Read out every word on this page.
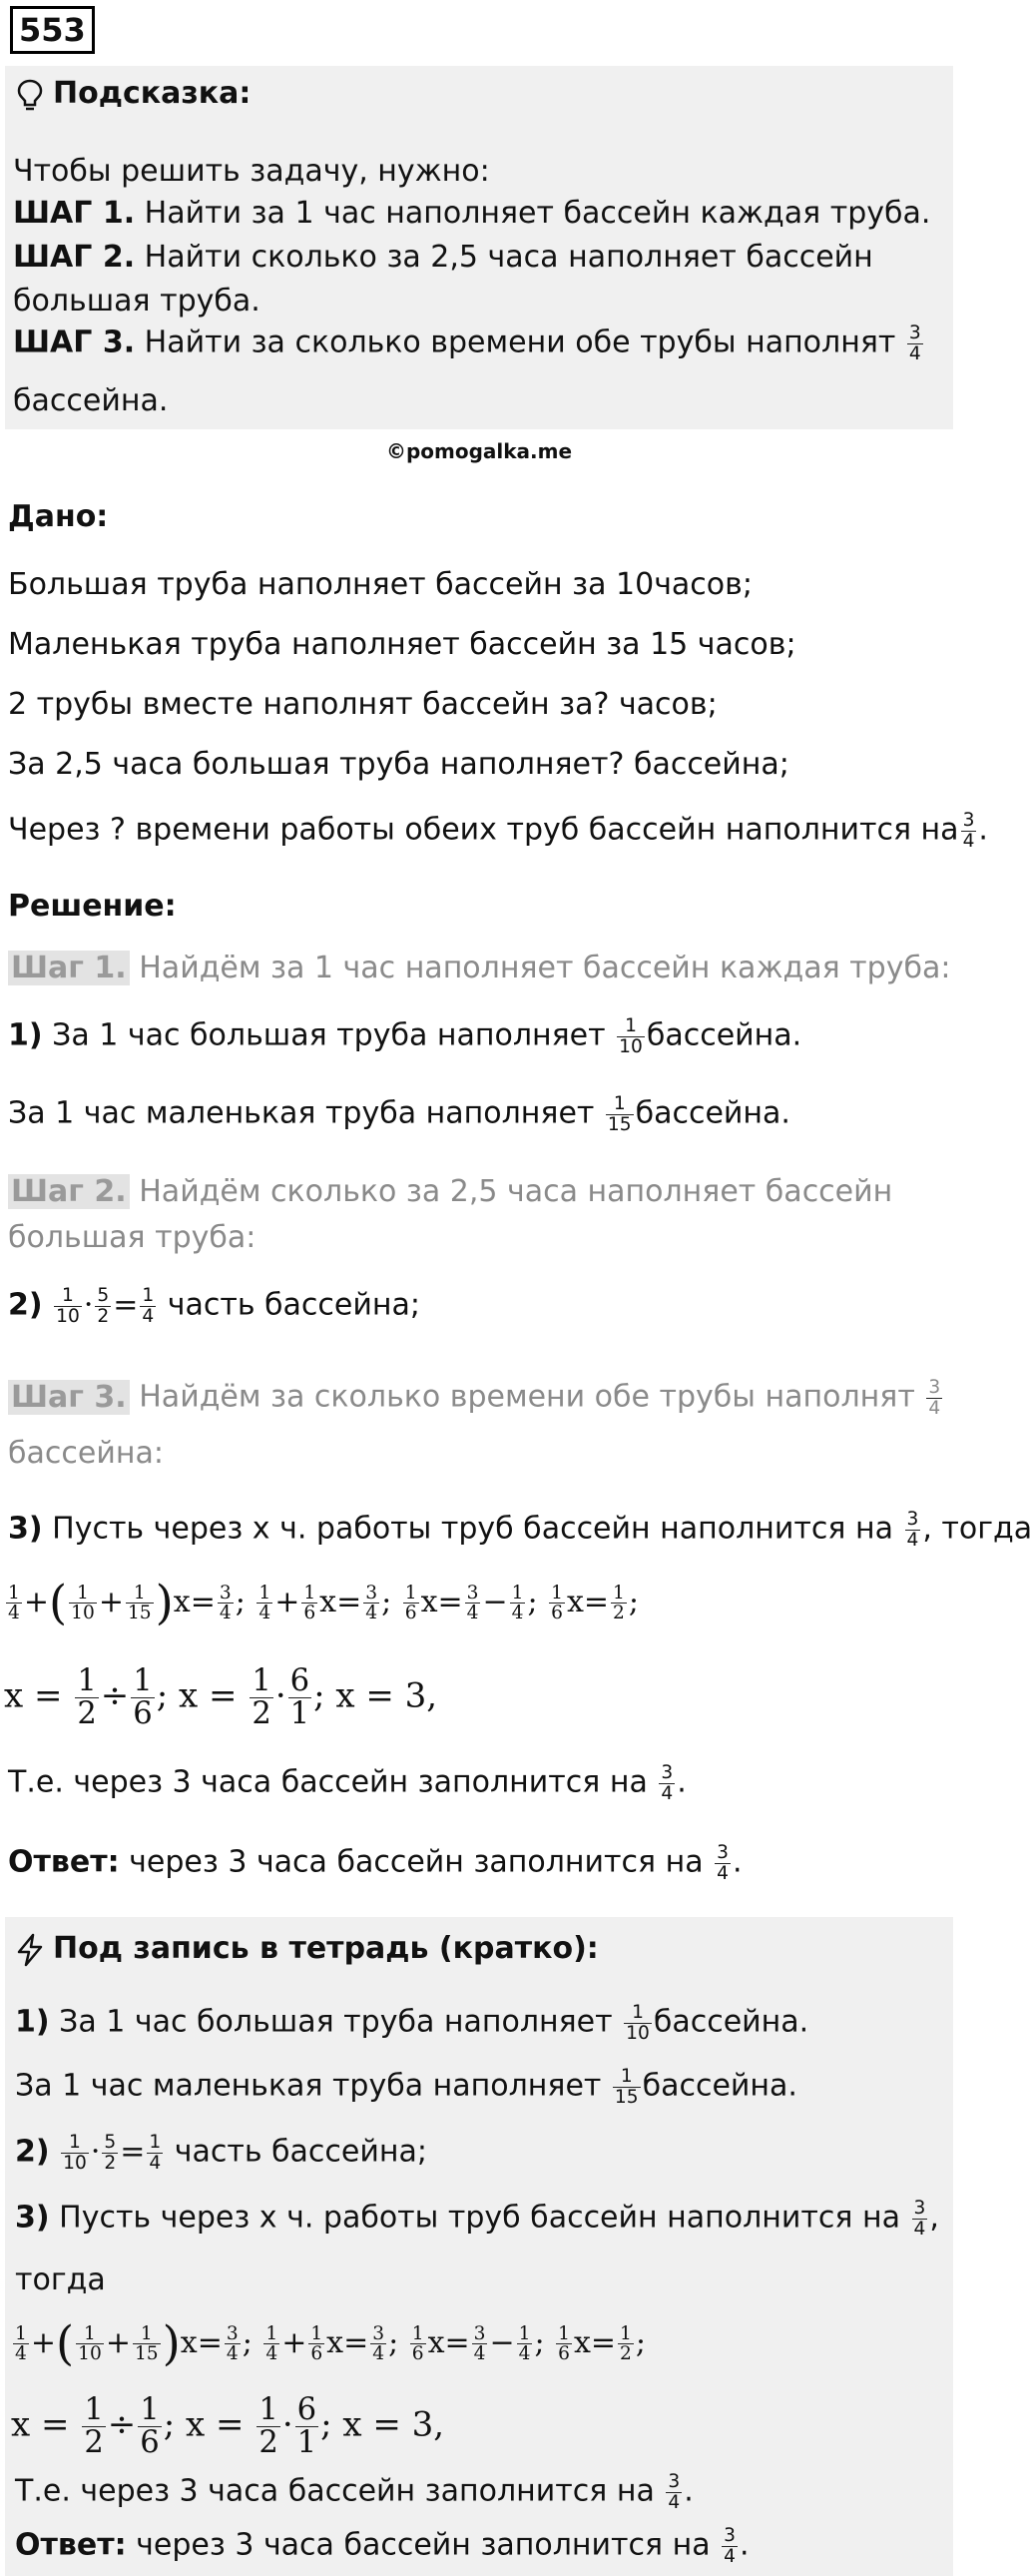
553
Подсказка:
Чтобы решить задачу, нужно:
ШАГ 1. Найти за 1 час наполняет бассейн каждая труба.
ШАГ 2. Найти сколько за 2,5 часа наполняет бассейн
большая труба.
ШАГ 3. Найти за сколько времени обе трубы наполнят $\frac{3}{4}$
бассейна.
©pomogalka.me
Дано:
Большая труба наполняет бассейн за 10часов;
Маленькая труба наполняет бассейн за 15 часов;
2 трубы вместе наполнят бассейн за? часов;
За 2,5 часа большая труба наполняет? бассейна;
Через ? времени работы обеих труб бассейн наполнится на $\frac{3}{4}$ .
Решение:
Шаг 1. Найдём за 1 час наполняет бассейн каждая труба:
1) За 1 час большая труба наполняет $\frac{1}{10}$ бассейна.
За 1 час маленькая труба наполняет $\frac{1}{15}$ бассейна.
Шаг 2. Найдём сколько за 2,5 часа наполняет бассейн
большая труба:
$2) \frac{1}{10} \cdot \frac{5}{2} = \frac{1}{4}$ часть бассейна;
Шаг 3. Найдём за сколько времени обе трубы наполнят $\frac{3}{4}$
бассейна:
3) Пусть через x ч. работы труб бассейн наполнится на $\frac{3}{4}$ , тогда
$\frac{1}{4}$ +( $\frac{1}{10} + \frac{1}{15} )x= \frac{3}{4}$ ; $\frac{1}{4} + \frac{1}{6} x= \frac{3}{4}$ ; $\frac{1}{6} x= \frac{3}{4} - \frac{1}{4}$ ; $\frac{1}{6} x= \frac{1}{2}$ ;
$x = \frac{1}{2} \div \frac{1}{6}$ ; $x = \frac{1}{2} \cdot \frac{6}{1}$ ; x = 3,
Т.е. через 3 часа бассейн заполнится на $\frac{3}{4}$ .
Ответ: через 3 часа бассейн заполнится на $\frac{3}{4}$ .
Под запись в тетрадь (кратко):
1) За 1 час большая труба наполняет $\frac{1}{10}$ бассейна.
За 1 час маленькая труба наполняет $\frac{1}{15}$ бассейна.
$2) \frac{1}{10} \cdot \frac{5}{2} = \frac{1}{4}$ часть бассейна;
3) Пусть через x ч. работы труб бассейн наполнится на $\frac{3}{4}$ ,
тогда
$\frac{1}{4}$ +( $\frac{1}{10} + \frac{1}{15} )x= \frac{3}{4}$ ; $\frac{1}{4} + \frac{1}{6} x= \frac{3}{4}$ ; $\frac{1}{6} x= \frac{3}{4} - \frac{1}{4}$ ; $\frac{1}{6} x= \frac{1}{2}$ ;
$x = \frac{1}{2} \div \frac{1}{6}$ ; $x = \frac{1}{2} \cdot \frac{6}{1}$ ; x = 3,
Т.е. через 3 часа бассейн заполнится на $\frac{3}{4}$ .
Ответ: через 3 часа бассейн заполнится на $\frac{3}{4}$ .
